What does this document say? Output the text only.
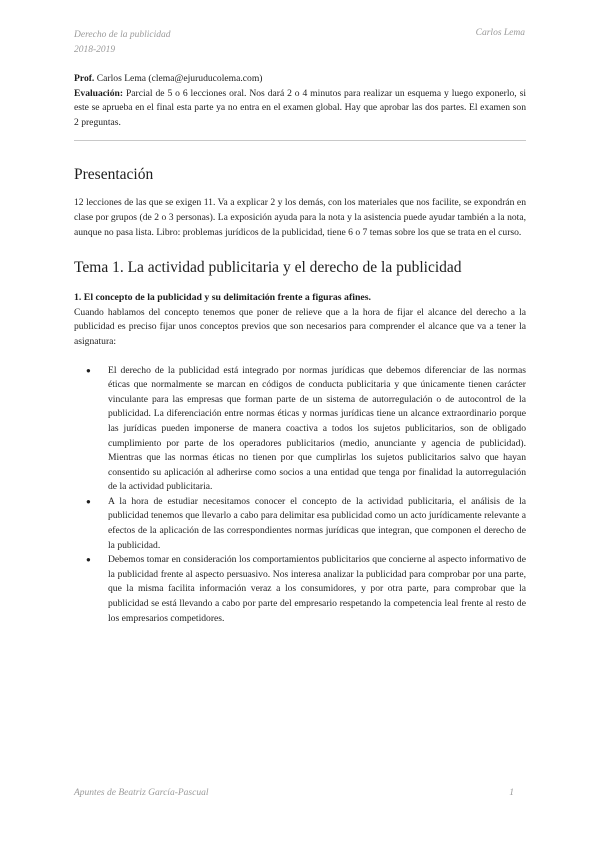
Derecho de la publicidad
2018-2019
Carlos Lema

Prof. Carlos Lema (clema@ejuruducolema.com)

Evaluación: Parcial de 5 o 6 lecciones oral. Nos dará 2 o 4 minutos para realizar un esquema y luego exponerlo, si este se aprueba en el final esta parte ya no entra en el examen global. Hay que aprobar las dos partes. El examen son 2 preguntas.

Presentación

12 lecciones de las que se exigen 11. Va a explicar 2 y los demás, con los materiales que nos facilite, se expondrán en clase por grupos (de 2 o 3 personas). La exposición ayuda para la nota y la asistencia puede ayudar también a la nota, aunque no pasa lista. Libro: problemas jurídicos de la publicidad, tiene 6 o 7 temas sobre los que se trata en el curso.

Tema 1. La actividad publicitaria y el derecho de la publicidad
1. El concepto de la publicidad y su delimitación frente a figuras afines.

Cuando hablamos del concepto tenemos que poner de relieve que a la hora de fijar el alcance del derecho a la publicidad es preciso fijar unos conceptos previos que son necesarios para comprender el alcance que va a tener la asignatura:

● El derecho de la publicidad está integrado por normas jurídicas que debemos diferenciar de las normas éticas que normalmente se marcan en códigos de conducta publicitaria y que únicamente tienen carácter vinculante para las empresas que forman parte de un sistema de autorregulación o de autocontrol de la publicidad. La diferenciación entre normas éticas y normas jurídicas tiene un alcance extraordinario porque las jurídicas pueden imponerse de manera coactiva a todos los sujetos publicitarios, son de obligado cumplimiento por parte de los operadores publicitarios (medio, anunciante y agencia de publicidad). Mientras que las normas éticas no tienen por que cumplirlas los sujetos publicitarios salvo que hayan consentido su aplicación al adherirse como socios a una entidad que tenga por finalidad la autorregulación de la actividad publicitaria.
● A la hora de estudiar necesitamos conocer el concepto de la actividad publicitaria, el análisis de la publicidad tenemos que llevarlo a cabo para delimitar esa publicidad como un acto jurídicamente relevante a efectos de la aplicación de las correspondientes normas jurídicas que integran, que componen el derecho de la publicidad.
● Debemos tomar en consideración los comportamientos publicitarios que concierne al aspecto informativo de la publicidad frente al aspecto persuasivo. Nos interesa analizar la publicidad para comprobar por una parte, que la misma facilita información veraz a los consumidores, y por otra parte, para comprobar que la publicidad se está llevando a cabo por parte del empresario respetando la competencia leal frente al resto de los empresarios competidores.
Apuntes de Beatriz García-Pascual	1
